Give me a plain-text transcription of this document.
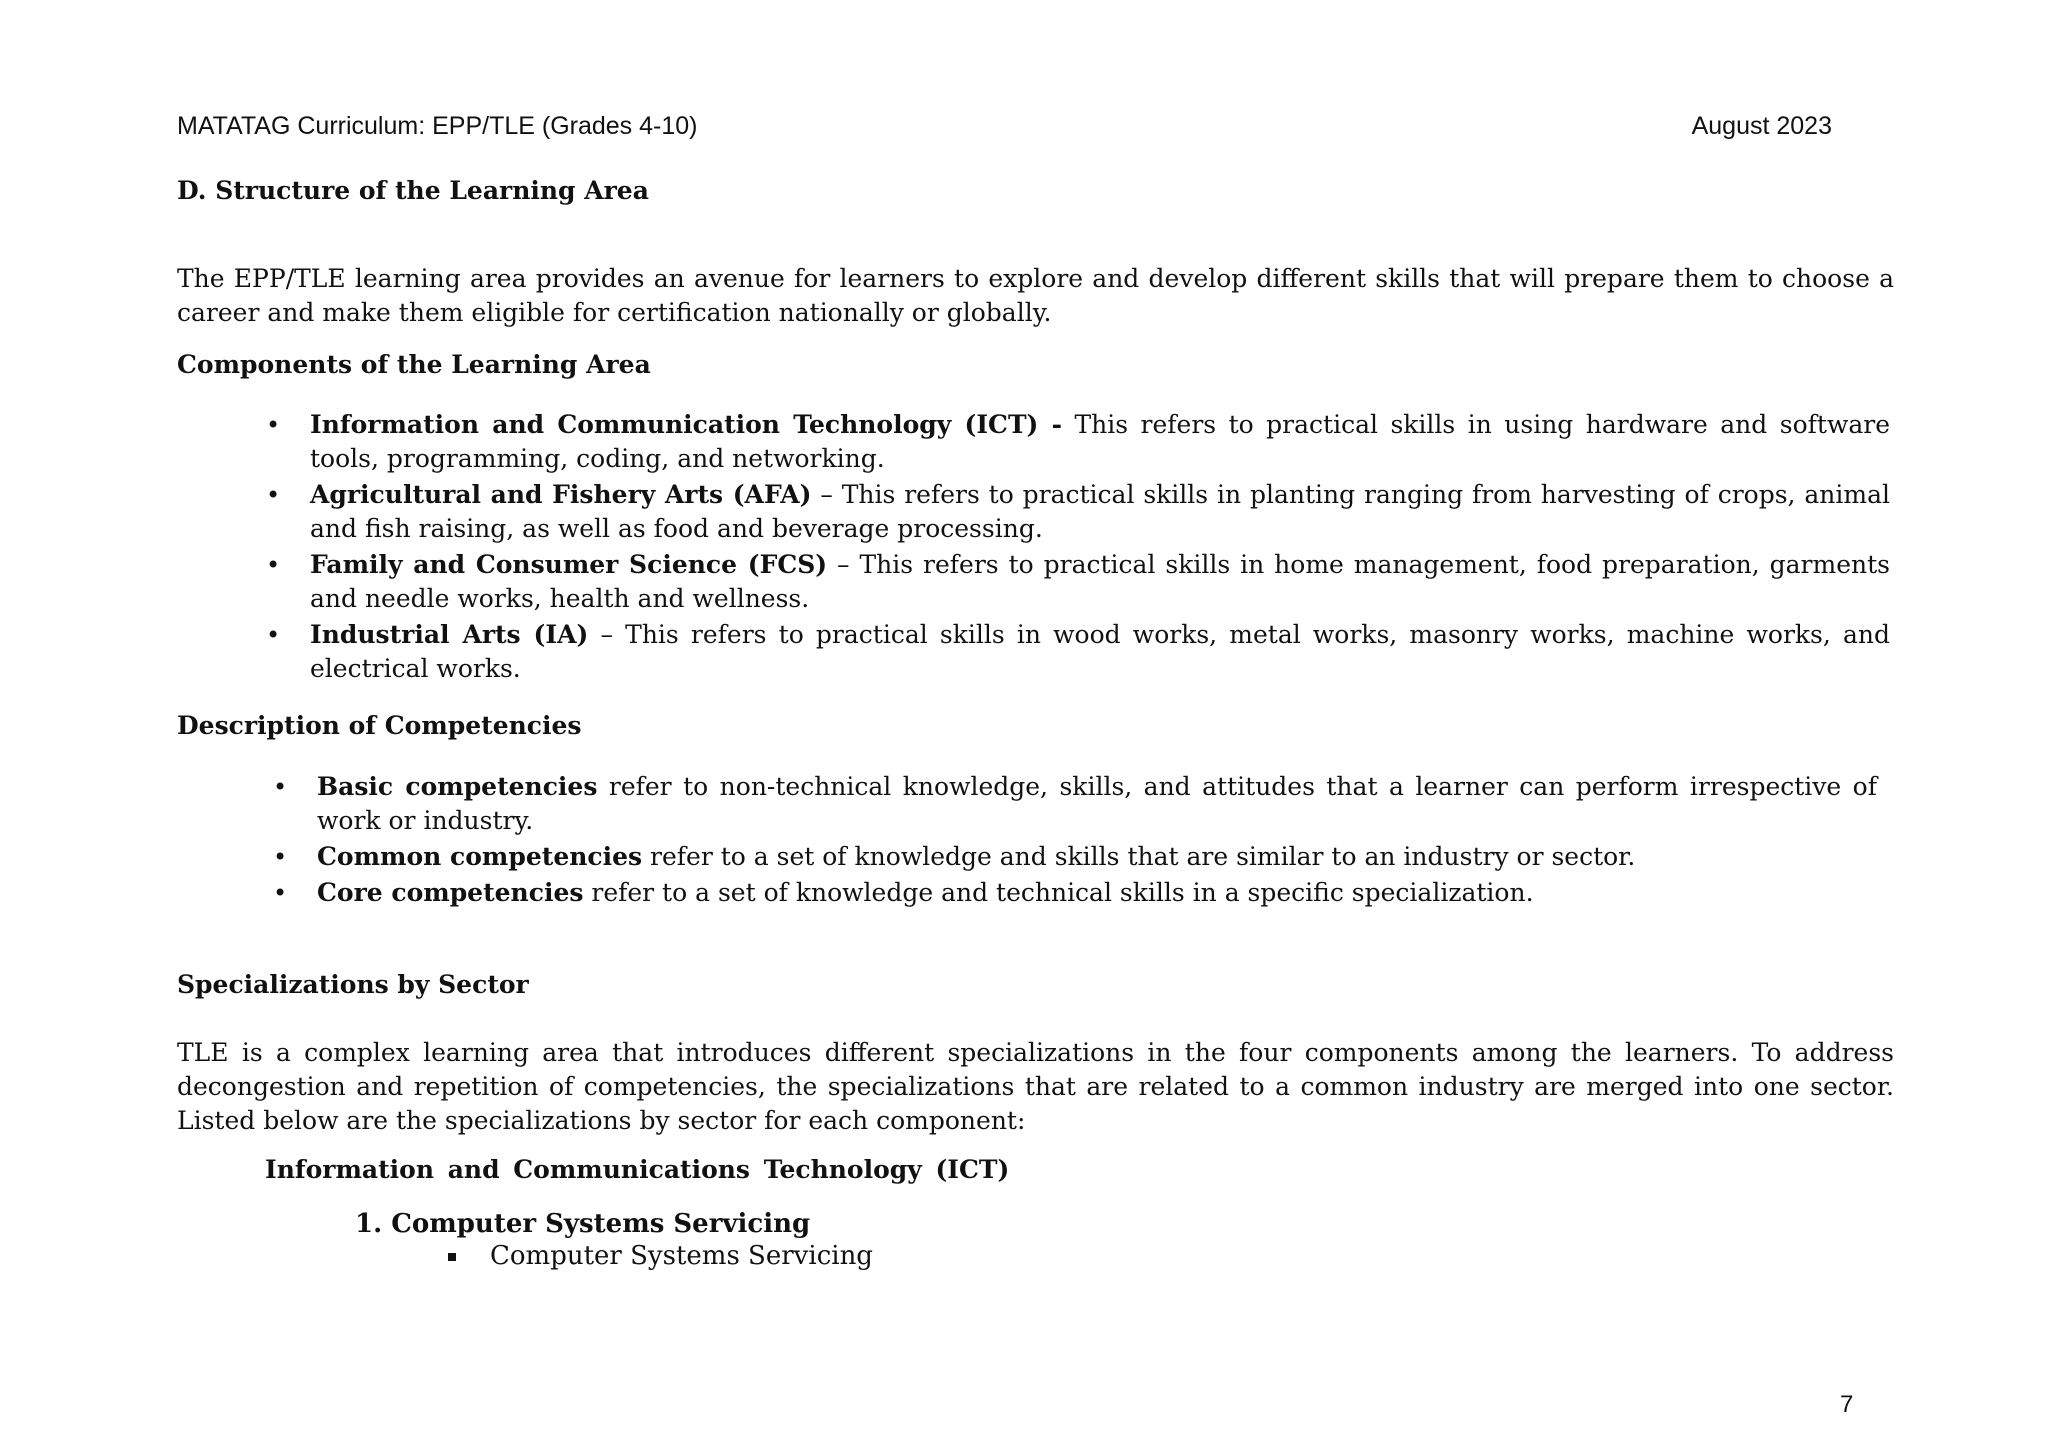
MATATAG Curriculum: EPP/TLE (Grades 4-10)	August 2023
D. Structure of the Learning Area

The EPP/TLE learning area provides an avenue for learners to explore and develop different skills that will prepare them to choose a career and make them eligible for certification nationally or globally.

Components of the Learning Area
• Information and Communication Technology (ICT) - This refers to practical skills in using hardware and software tools, programming, coding, and networking.
• Agricultural and Fishery Arts (AFA) – This refers to practical skills in planting ranging from harvesting of crops, animal and fish raising, as well as food and beverage processing.
• Family and Consumer Science (FCS) – This refers to practical skills in home management, food preparation, garments and needle works, health and wellness.
• Industrial Arts (IA) – This refers to practical skills in wood works, metal works, masonry works, machine works, and electrical works.
Description of Competencies
• Basic competencies refer to non-technical knowledge, skills, and attitudes that a learner can perform irrespective of work or industry.
• Common competencies refer to a set of knowledge and skills that are similar to an industry or sector.
• Core competencies refer to a set of knowledge and technical skills in a specific specialization.
Specializations by Sector

TLE is a complex learning area that introduces different specializations in the four components among the learners. To address decongestion and repetition of competencies, the specializations that are related to a common industry are merged into one sector. Listed below are the specializations by sector for each component:

Information and Communications Technology (ICT)
1. Computer Systems Servicing
Computer Systems Servicing
7
